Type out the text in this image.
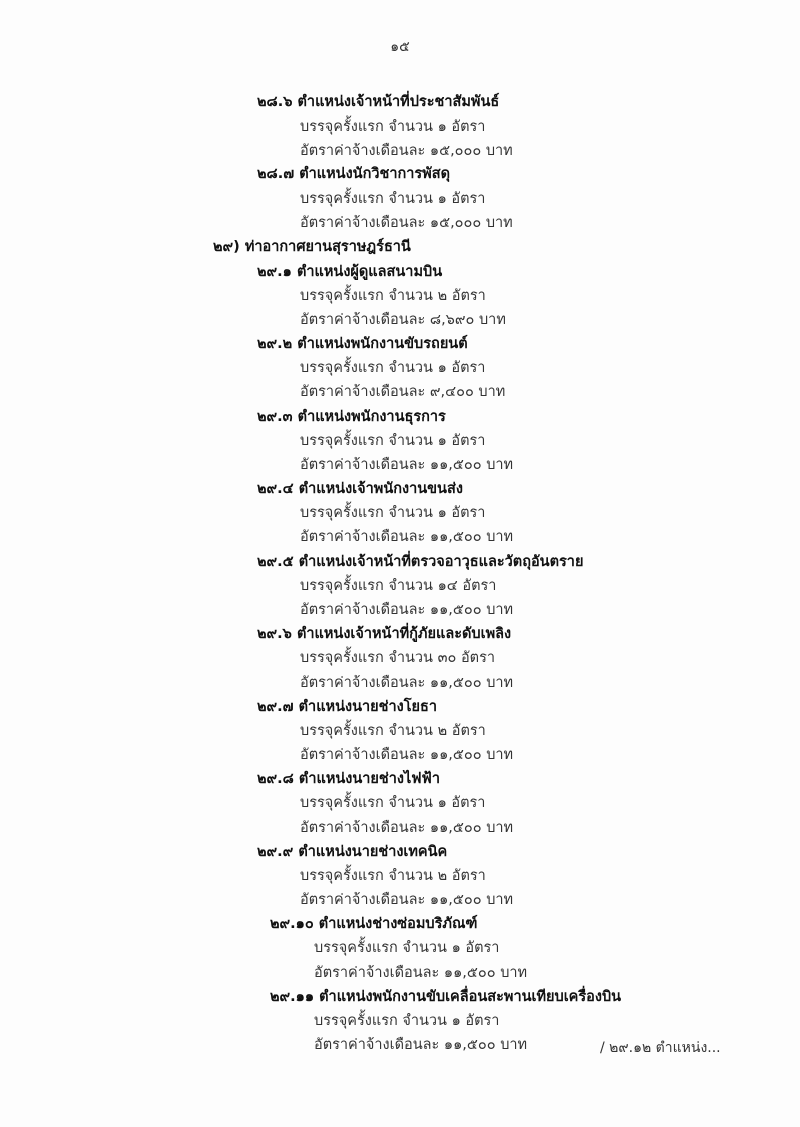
๑๕
๒๘.๖ ตำแหน่งเจ้าหน้าที่ประชาสัมพันธ์
บรรจุครั้งแรก จำนวน ๑ อัตรา
อัตราค่าจ้างเดือนละ ๑๕,๐๐๐ บาท
๒๘.๗ ตำแหน่งนักวิชาการพัสดุ
บรรจุครั้งแรก จำนวน ๑ อัตรา
อัตราค่าจ้างเดือนละ ๑๕,๐๐๐ บาท
๒๙) ท่าอากาศยานสุราษฎร์ธานี
๒๙.๑ ตำแหน่งผู้ดูแลสนามบิน
บรรจุครั้งแรก จำนวน ๒ อัตรา
อัตราค่าจ้างเดือนละ ๘,๖๙๐ บาท
๒๙.๒ ตำแหน่งพนักงานขับรถยนต์
บรรจุครั้งแรก จำนวน ๑ อัตรา
อัตราค่าจ้างเดือนละ ๙,๔๐๐ บาท
๒๙.๓ ตำแหน่งพนักงานธุรการ
บรรจุครั้งแรก จำนวน ๑ อัตรา
อัตราค่าจ้างเดือนละ ๑๑,๕๐๐ บาท
๒๙.๔ ตำแหน่งเจ้าพนักงานขนส่ง
บรรจุครั้งแรก จำนวน ๑ อัตรา
อัตราค่าจ้างเดือนละ ๑๑,๕๐๐ บาท
๒๙.๕ ตำแหน่งเจ้าหน้าที่ตรวจอาวุธและวัตถุอันตราย
บรรจุครั้งแรก จำนวน ๑๔ อัตรา
อัตราค่าจ้างเดือนละ ๑๑,๕๐๐ บาท
๒๙.๖ ตำแหน่งเจ้าหน้าที่กู้ภัยและดับเพลิง
บรรจุครั้งแรก จำนวน ๓๐ อัตรา
อัตราค่าจ้างเดือนละ ๑๑,๕๐๐ บาท
๒๙.๗ ตำแหน่งนายช่างโยธา
บรรจุครั้งแรก จำนวน ๒ อัตรา
อัตราค่าจ้างเดือนละ ๑๑,๕๐๐ บาท
๒๙.๘ ตำแหน่งนายช่างไฟฟ้า
บรรจุครั้งแรก จำนวน ๑ อัตรา
อัตราค่าจ้างเดือนละ ๑๑,๕๐๐ บาท
๒๙.๙ ตำแหน่งนายช่างเทคนิค
บรรจุครั้งแรก จำนวน ๒ อัตรา
อัตราค่าจ้างเดือนละ ๑๑,๕๐๐ บาท
๒๙.๑๐ ตำแหน่งช่างซ่อมบริภัณฑ์
บรรจุครั้งแรก จำนวน ๑ อัตรา
อัตราค่าจ้างเดือนละ ๑๑,๕๐๐ บาท
๒๙.๑๑ ตำแหน่งพนักงานขับเคลื่อนสะพานเทียบเครื่องบิน
บรรจุครั้งแรก จำนวน ๑ อัตรา
อัตราค่าจ้างเดือนละ ๑๑,๕๐๐ บาท	/ ๒๙.๑๒ ตำแหน่ง...
